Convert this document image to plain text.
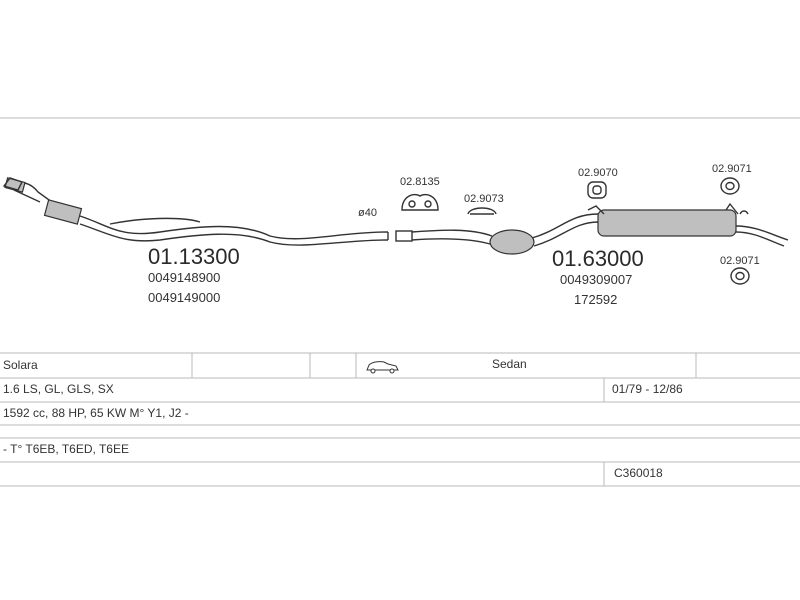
ø40
02.8135
02.9073
02.9070	02.9071
02.9071
01.13300
0049148900
0049149000
01.63000
0049309007
172592
Solara	Sedan
1.6 LS, GL, GLS, SX	01/79 - 12/86
1592 cc, 88 HP, 65 KW M° Y1, J2 -
- T° T6EB, T6ED, T6EE
C360018
